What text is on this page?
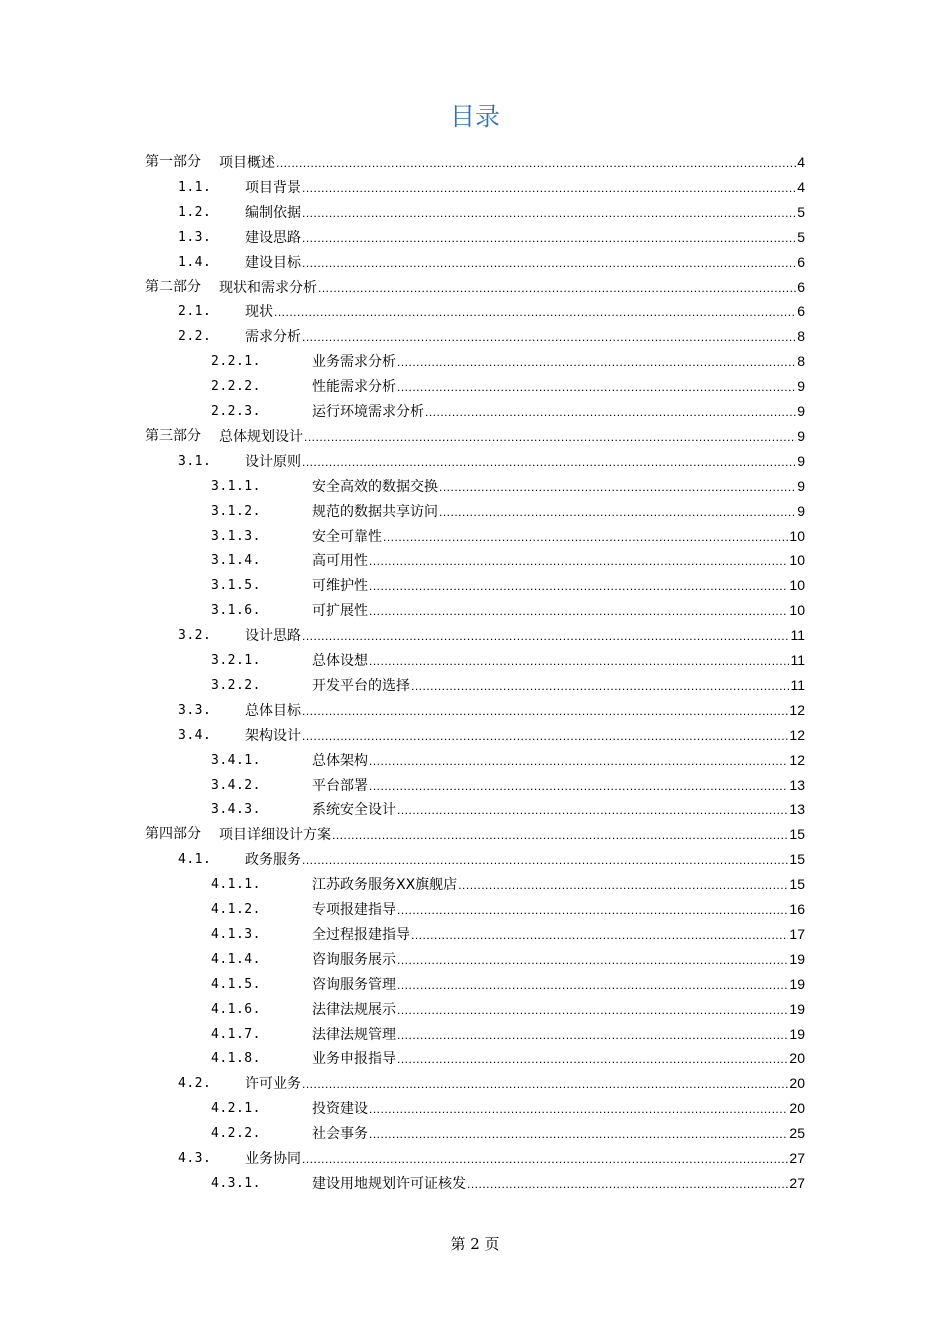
目录
第一部分 项目概述 .....	4
1.1. 项目背景 .....	4
1.2. 编制依据 .....	5
1.3. 建设思路 .....	5
1.4. 建设目标 .....	6
第二部分 现状和需求分析 .....	6
2.1. 现状 .....	6
2.2. 需求分析 .....	8
2.2.1.	业务需求分析 .....	8
2.2.2.	性能需求分析 .....	9
2.2.3.	运行环境需求分析 .....	9
第三部分 总体规划设计 .....	9
3.1. 设计原则 .....	9
3.1.1.	安全高效的数据交换 .....	9
3.1.2.	规范的数据共享访问 .....	9
3.1.3.	安全可靠性 .....	10
3.1.4.	高可用性 .....	10
3.1.5.	可维护性 .....	10
3.1.6.	可扩展性 .....	10
3.2. 设计思路 .....	11
3.2.1.	总体设想 .....	11
3.2.2.	开发平台的选择 .....	11
3.3. 总体目标 .....	12
3.4. 架构设计 .....	12
3.4.1.	总体架构 .....	12
3.4.2.	平台部署 .....	13
3.4.3.	系统安全设计 .....	13
第四部分 项目详细设计方案 .....	15
4.1. 政务服务 .....	15
4.1.1.	江苏政务服务XX旗舰店 .....	15
4.1.2.	专项报建指导 .....	16
4.1.3.	全过程报建指导 .....	17
4.1.4.	咨询服务展示 .....	19
4.1.5.	咨询服务管理 .....	19
4.1.6.	法律法规展示 .....	19
4.1.7.	法律法规管理 .....	19
4.1.8.	业务申报指导 .....	20
4.2. 许可业务 .....	20
4.2.1.	投资建设 .....	20
4.2.2.	社会事务 .....	25
4.3. 业务协同 .....	27
4.3.1.	建设用地规划许可证核发 .....	27
第 2 页
